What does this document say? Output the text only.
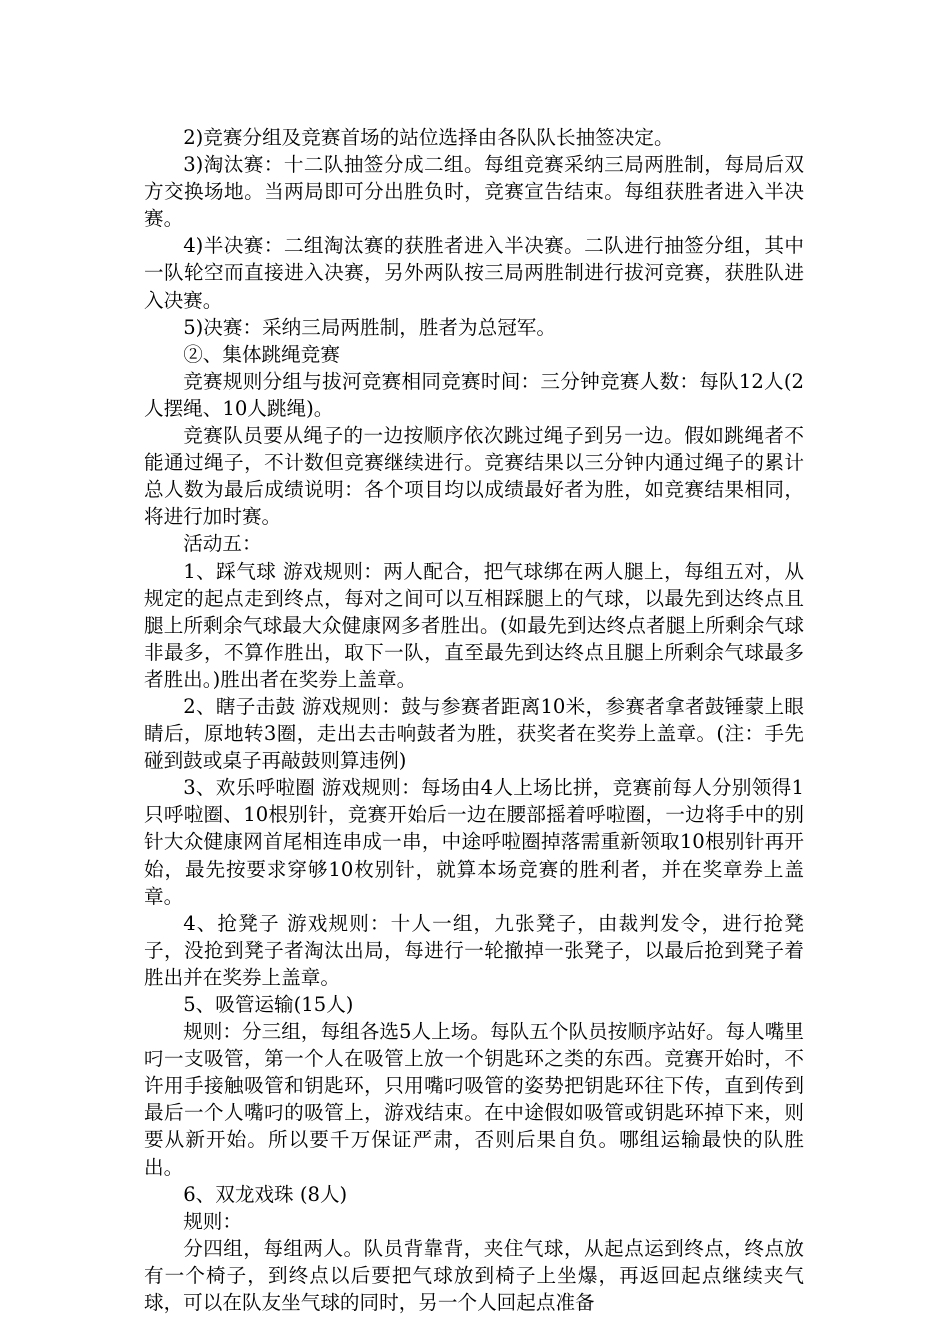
2)竞赛分组及竞赛首场的站位选择由各队队长抽签决定。

3)淘汰赛：十二队抽签分成二组。每组竞赛采纳三局两胜制，每局后双方交换场地。当两局即可分出胜负时，竞赛宣告结束。每组获胜者进入半决赛。

4)半决赛：二组淘汰赛的获胜者进入半决赛。二队进行抽签分组，其中一队轮空而直接进入决赛，另外两队按三局两胜制进行拔河竞赛，获胜队进入决赛。

5)决赛：采纳三局两胜制，胜者为总冠军。

②、集体跳绳竞赛

竞赛规则分组与拔河竞赛相同竞赛时间：三分钟竞赛人数：每队12人(2人摆绳、10人跳绳)。

竞赛队员要从绳子的一边按顺序依次跳过绳子到另一边。假如跳绳者不能通过绳子，不计数但竞赛继续进行。竞赛结果以三分钟内通过绳子的累计总人数为最后成绩说明：各个项目均以成绩最好者为胜，如竞赛结果相同，将进行加时赛。

活动五：

1、踩气球 游戏规则：两人配合，把气球绑在两人腿上，每组五对，从规定的起点走到终点，每对之间可以互相踩腿上的气球，以最先到达终点且腿上所剩余气球最大众健康网多者胜出。(如最先到达终点者腿上所剩余气球非最多，不算作胜出，取下一队，直至最先到达终点且腿上所剩余气球最多者胜出。)胜出者在奖券上盖章。

2、瞎子击鼓 游戏规则：鼓与参赛者距离10米，参赛者拿者鼓锤蒙上眼睛后，原地转3圈，走出去击响鼓者为胜，获奖者在奖券上盖章。(注：手先碰到鼓或桌子再敲鼓则算违例)

3、欢乐呼啦圈 游戏规则：每场由4人上场比拼，竞赛前每人分别领得1只呼啦圈、10根别针，竞赛开始后一边在腰部摇着呼啦圈，一边将手中的别针大众健康网首尾相连串成一串，中途呼啦圈掉落需重新领取10根别针再开始，最先按要求穿够10枚别针，就算本场竞赛的胜利者，并在奖章券上盖章。

4、抢凳子 游戏规则：十人一组，九张凳子，由裁判发令，进行抢凳子，没抢到凳子者淘汰出局，每进行一轮撤掉一张凳子，以最后抢到凳子着胜出并在奖券上盖章。

5、吸管运输(15人)

规则：分三组，每组各选5人上场。每队五个队员按顺序站好。每人嘴里叼一支吸管，第一个人在吸管上放一个钥匙环之类的东西。竞赛开始时，不许用手接触吸管和钥匙环，只用嘴叼吸管的姿势把钥匙环往下传，直到传到最后一个人嘴叼的吸管上，游戏结束。在中途假如吸管或钥匙环掉下来，则要从新开始。所以要千万保证严肃，否则后果自负。哪组运输最快的队胜出。

6、双龙戏珠 (8人)

规则：

分四组，每组两人。队员背靠背，夹住气球，从起点运到终点，终点放有一个椅子，到终点以后要把气球放到椅子上坐爆，再返回起点继续夹气球，可以在队友坐气球的同时，另一个人回起点准备
